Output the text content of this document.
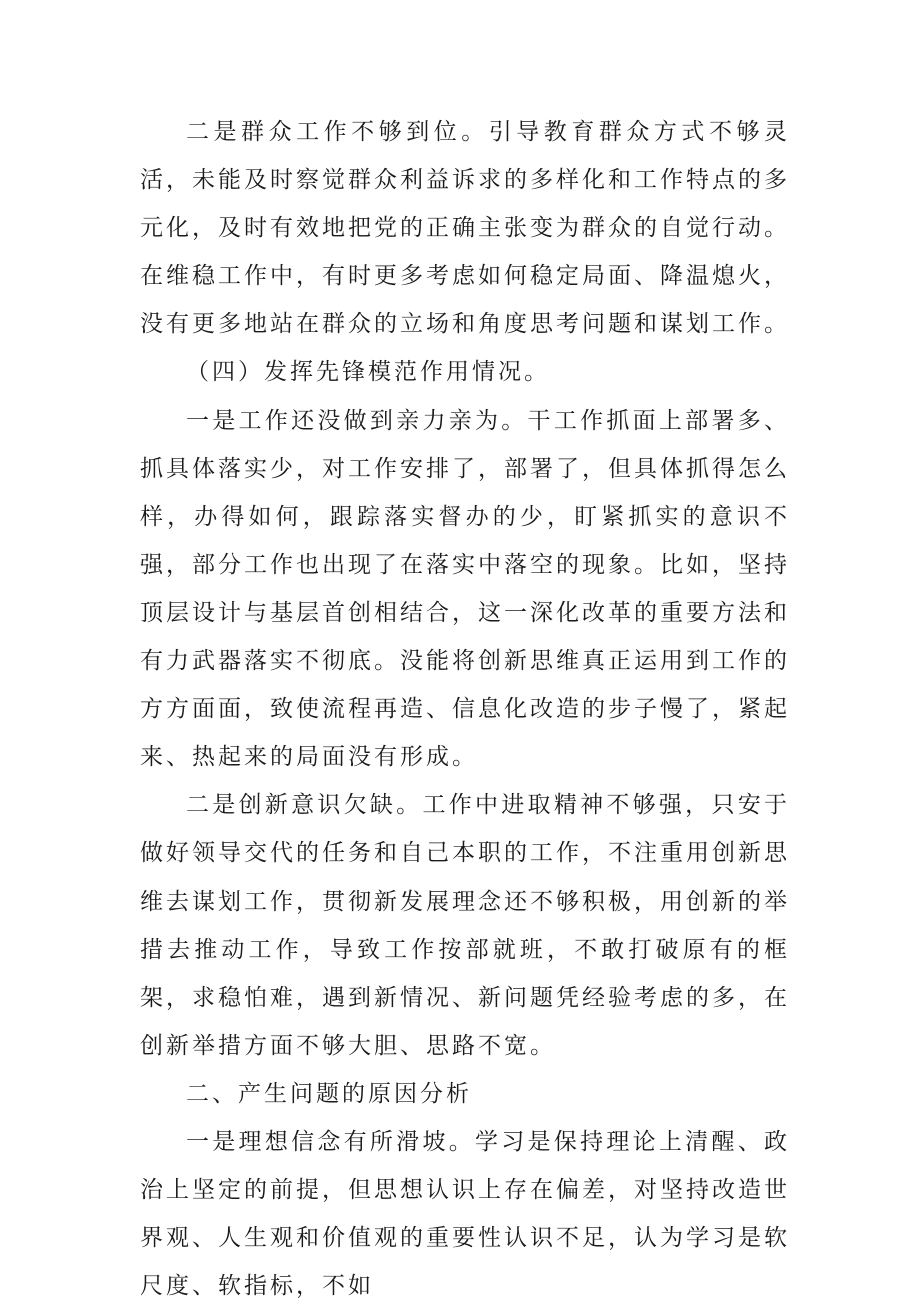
二是群众工作不够到位。引导教育群众方式不够灵活，未能及时察觉群众利益诉求的多样化和工作特点的多元化，及时有效地把党的正确主张变为群众的自觉行动。在维稳工作中，有时更多考虑如何稳定局面、降温熄火，没有更多地站在群众的立场和角度思考问题和谋划工作。

（四）发挥先锋模范作用情况。

一是工作还没做到亲力亲为。干工作抓面上部署多、抓具体落实少，对工作安排了，部署了，但具体抓得怎么样，办得如何，跟踪落实督办的少，盯紧抓实的意识不强，部分工作也出现了在落实中落空的现象。比如，坚持顶层设计与基层首创相结合，这一深化改革的重要方法和有力武器落实不彻底。没能将创新思维真正运用到工作的方方面面，致使流程再造、信息化改造的步子慢了，紧起来、热起来的局面没有形成。

二是创新意识欠缺。工作中进取精神不够强，只安于做好领导交代的任务和自己本职的工作，不注重用创新思维去谋划工作，贯彻新发展理念还不够积极，用创新的举措去推动工作，导致工作按部就班，不敢打破原有的框架，求稳怕难，遇到新情况、新问题凭经验考虑的多，在创新举措方面不够大胆、思路不宽。

二、产生问题的原因分析

一是理想信念有所滑坡。学习是保持理论上清醒、政治上坚定的前提，但思想认识上存在偏差，对坚持改造世界观、人生观和价值观的重要性认识不足，认为学习是软尺度、软指标，不如
